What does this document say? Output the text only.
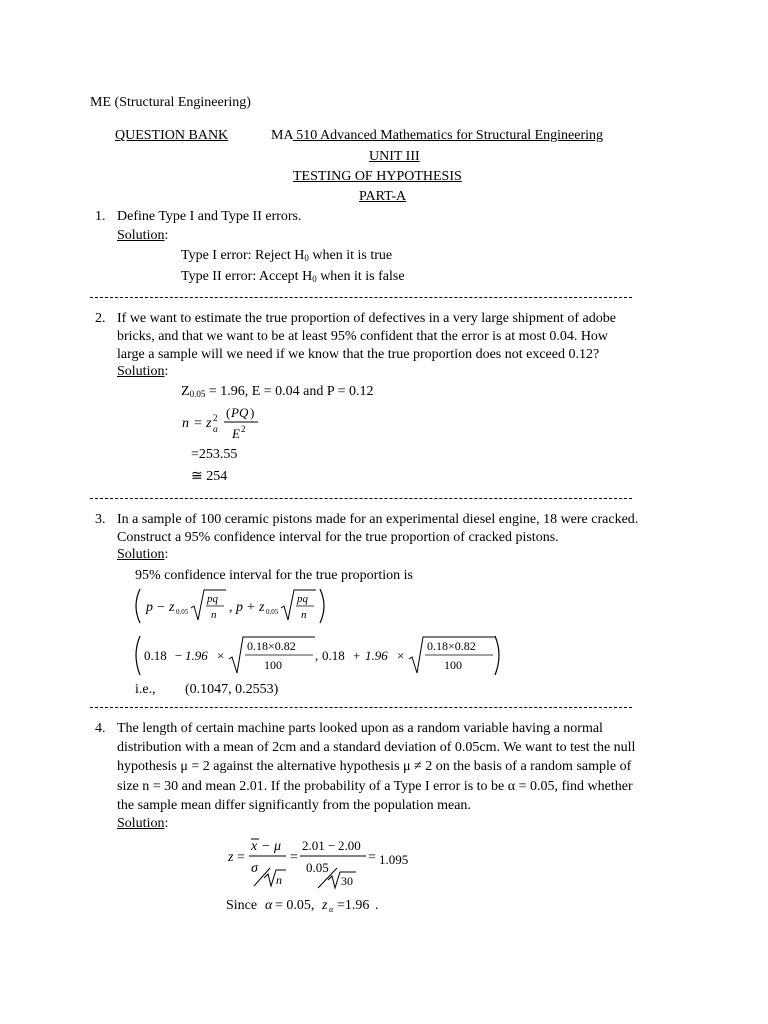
ME (Structural Engineering)
QUESTION BANK	MA 510 Advanced Mathematics for Structural Engineering
UNIT III
TESTING OF HYPOTHESIS
PART-A
1. Define Type I and Type II errors.
Solution:
Type I error: Reject $H_0$ when it is true
Type II error: Accept $H_0$ when it is false
2. If we want to estimate the true proportion of defectives in a very large shipment of adobe
bricks, and that we want to be at least 95% confident that the error is at most 0.04. How
large a sample will we need if we know that the true proportion does not exceed 0.12?
Solution:
$Z_{0.05} = 1.96$, E = 0.04 and P = 0.12
n = z 2
α
( PQ )
E 2
=253.55
≅ 254
3. In a sample of 100 ceramic pistons made for an experimental diesel engine, 18 were cracked.
Construct a 95% confidence interval for the true proportion of cracked pistons.
Solution:
95% confidence interval for the true proportion is
p − z 0.05
pq
n , p + z 0.05
pq
n
0.18 − 1.96 ×
0.18×0.82
100
, 0.18 + 1.96 ×
0.18×0.82
100
i.e., (0.1047, 0.2553)
4. The length of certain machine parts looked upon as a random variable having a normal
distribution with a mean of 2cm and a standard deviation of 0.05cm. We want to test the null
hypothesis μ = 2 against the alternative hypothesis μ ≠ 2 on the basis of a random sample of
size n = 30 and mean 2.01. If the probability of a Type I error is to be α = 0.05, find whether
the sample mean differ significantly from the population mean.
Solution:
z =
x − μ
σ
n
=
2.01 − 2.00
0.05
30
= 1.095
Since α = 0.05, z α =1.96 .
